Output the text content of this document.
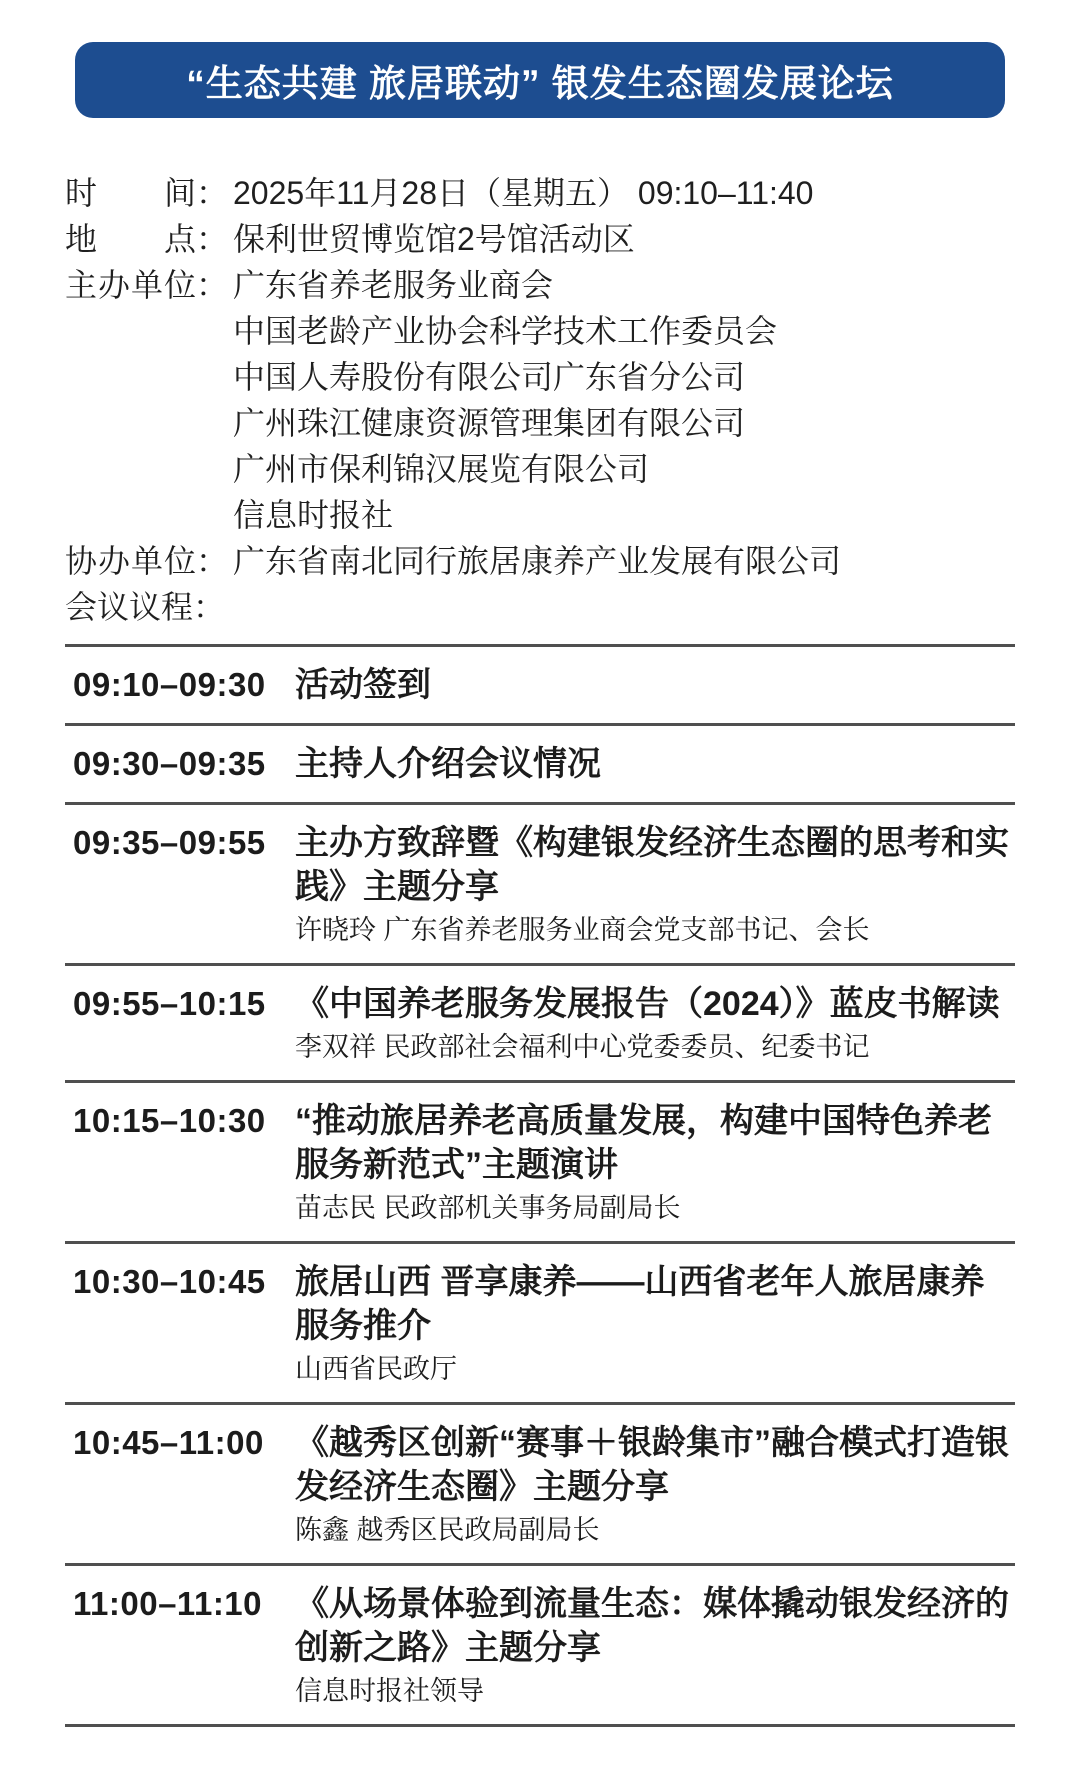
“生态共建 旅居联动” 银发生态圈发展论坛
时间： 2025年11月28日（星期五） 09:10–11:40
地点： 保利世贸博览馆2号馆活动区
主办单位： 广东省养老服务业商会
中国老龄产业协会科学技术工作委员会
中国人寿股份有限公司广东省分公司
广州珠江健康资源管理集团有限公司
广州市保利锦汉展览有限公司
信息时报社
协办单位： 广东省南北同行旅居康养产业发展有限公司
会议议程：
09:10–09:30 活动签到
09:30–09:35 主持人介绍会议情况
09:35–09:55 主办方致辞暨《构建银发经济生态圈的思考和实践》主题分享
许晓玲 广东省养老服务业商会党支部书记、会长
09:55–10:15 《中国养老服务发展报告（2024）》蓝皮书解读
李双祥 民政部社会福利中心党委委员、纪委书记
10:15–10:30 “推动旅居养老高质量发展，构建中国特色养老服务新范式”主题演讲
苗志民 民政部机关事务局副局长
10:30–10:45 旅居山西 晋享康养——山西省老年人旅居康养服务推介
山西省民政厅
10:45–11:00 《越秀区创新“赛事＋银龄集市”融合模式打造银发经济生态圈》主题分享
陈鑫 越秀区民政局副局长
11:00–11:10 《从场景体验到流量生态：媒体撬动银发经济的创新之路》主题分享
信息时报社领导
